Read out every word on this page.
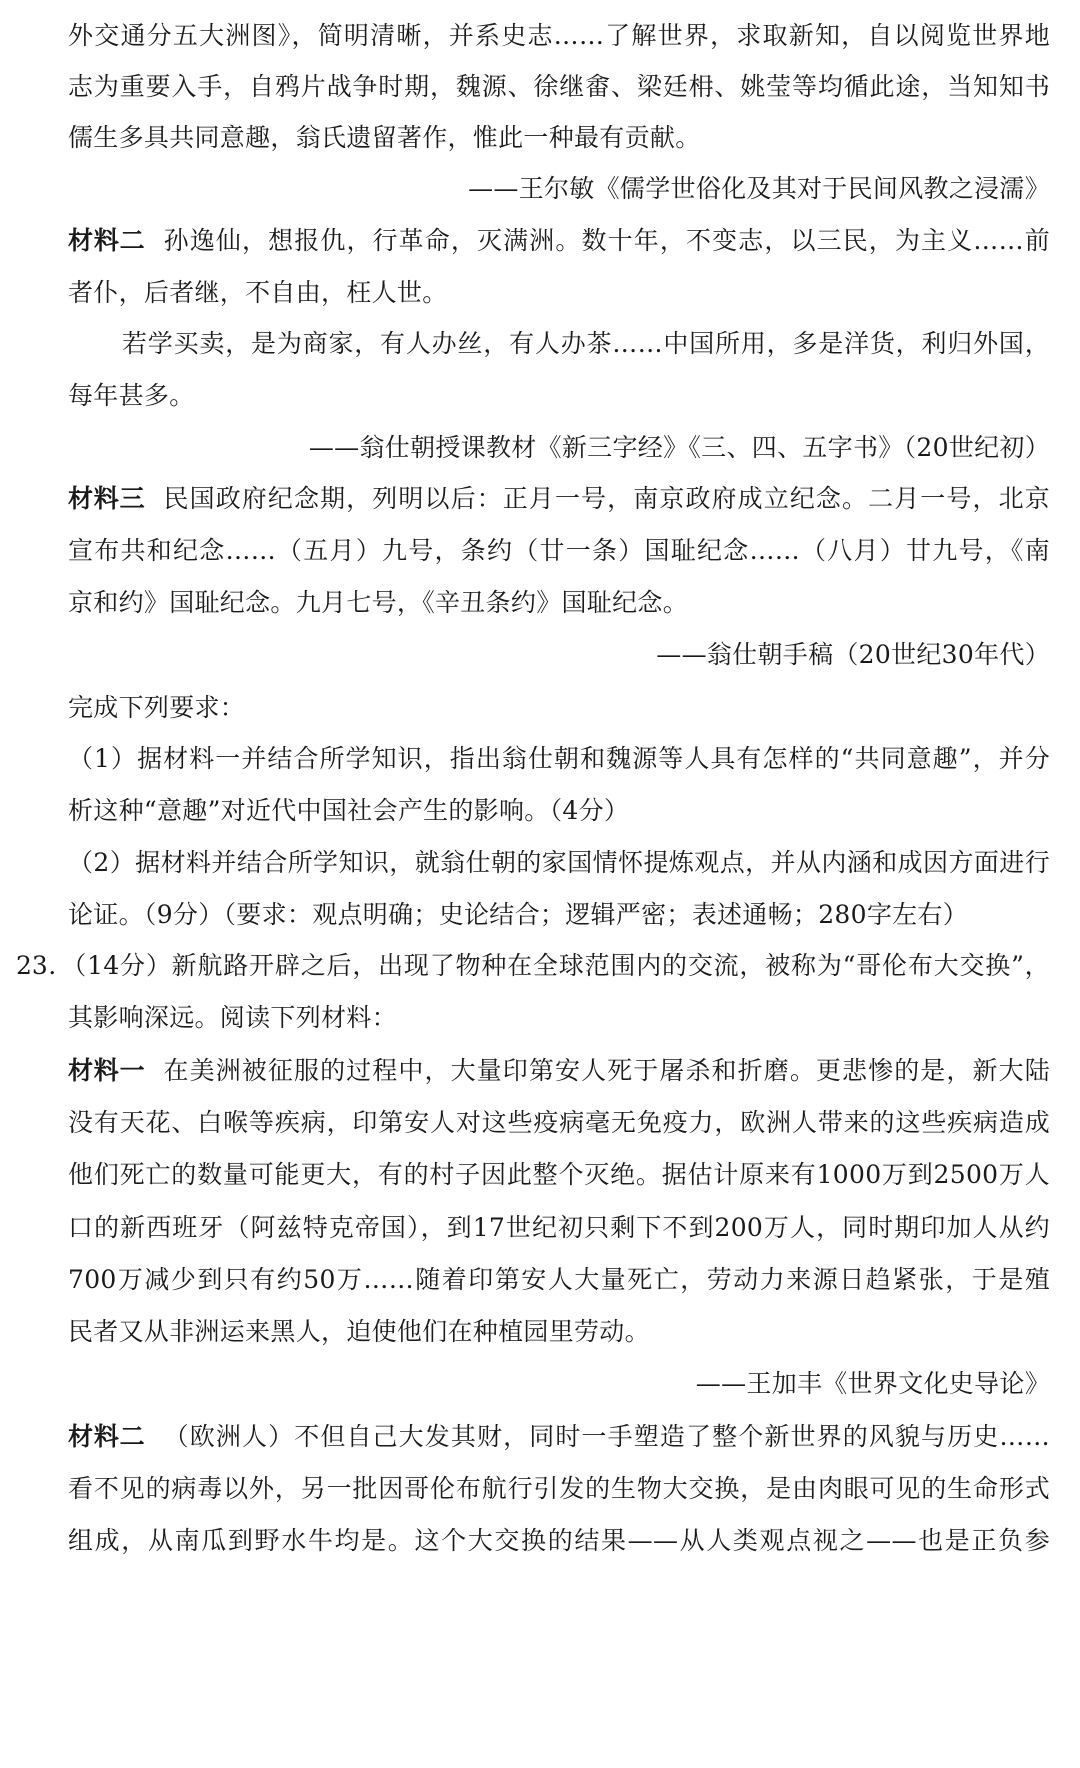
外交通分五大洲图》，简明清晰，并系史志……了解世界，求取新知，自以阅览世界地
志为重要入手，自鸦片战争时期，魏源、徐继畬、梁廷枏、姚莹等均循此途，当知知书
儒生多具共同意趣，翁氏遗留著作，惟此一种最有贡献。
——王尔敏《儒学世俗化及其对于民间风教之浸濡》
材料二 孙逸仙，想报仇，行革命，灭满洲。数十年，不变志，以三民，为主义……前
者仆，后者继，不自由，枉人世。
若学买卖，是为商家，有人办丝，有人办茶……中国所用，多是洋货，利归外国，
每年甚多。
——翁仕朝授课教材《新三字经》《三、四、五字书》（20世纪初）
材料三 民国政府纪念期，列明以后：正月一号，南京政府成立纪念。二月一号，北京
宣布共和纪念……（五月）九号，条约（廿一条）国耻纪念……（八月）廿九号，《南
京和约》国耻纪念。九月七号，《辛丑条约》国耻纪念。
——翁仕朝手稿（20世纪30年代）
完成下列要求：
（1）据材料一并结合所学知识，指出翁仕朝和魏源等人具有怎样的“共同意趣”，并分
析这种“意趣”对近代中国社会产生的影响。（4分）
（2）据材料并结合所学知识，就翁仕朝的家国情怀提炼观点，并从内涵和成因方面进行
论证。（9分）（要求：观点明确；史论结合；逻辑严密；表述通畅；280字左右）
23．（14分）新航路开辟之后，出现了物种在全球范围内的交流，被称为“哥伦布大交换”，
其影响深远。阅读下列材料：
材料一 在美洲被征服的过程中，大量印第安人死于屠杀和折磨。更悲惨的是，新大陆
没有天花、白喉等疾病，印第安人对这些疫病毫无免疫力，欧洲人带来的这些疾病造成
他们死亡的数量可能更大，有的村子因此整个灭绝。据估计原来有1000万到2500万人
口的新西班牙（阿兹特克帝国），到17世纪初只剩下不到200万人，同时期印加人从约
700万减少到只有约50万……随着印第安人大量死亡，劳动力来源日趋紧张，于是殖
民者又从非洲运来黑人，迫使他们在种植园里劳动。
——王加丰《世界文化史导论》
材料二 （欧洲人）不但自己大发其财，同时一手塑造了整个新世界的风貌与历史……
看不见的病毒以外，另一批因哥伦布航行引发的生物大交换，是由肉眼可见的生命形式
组成，从南瓜到野水牛均是。这个大交换的结果——从人类观点视之——也是正负参
